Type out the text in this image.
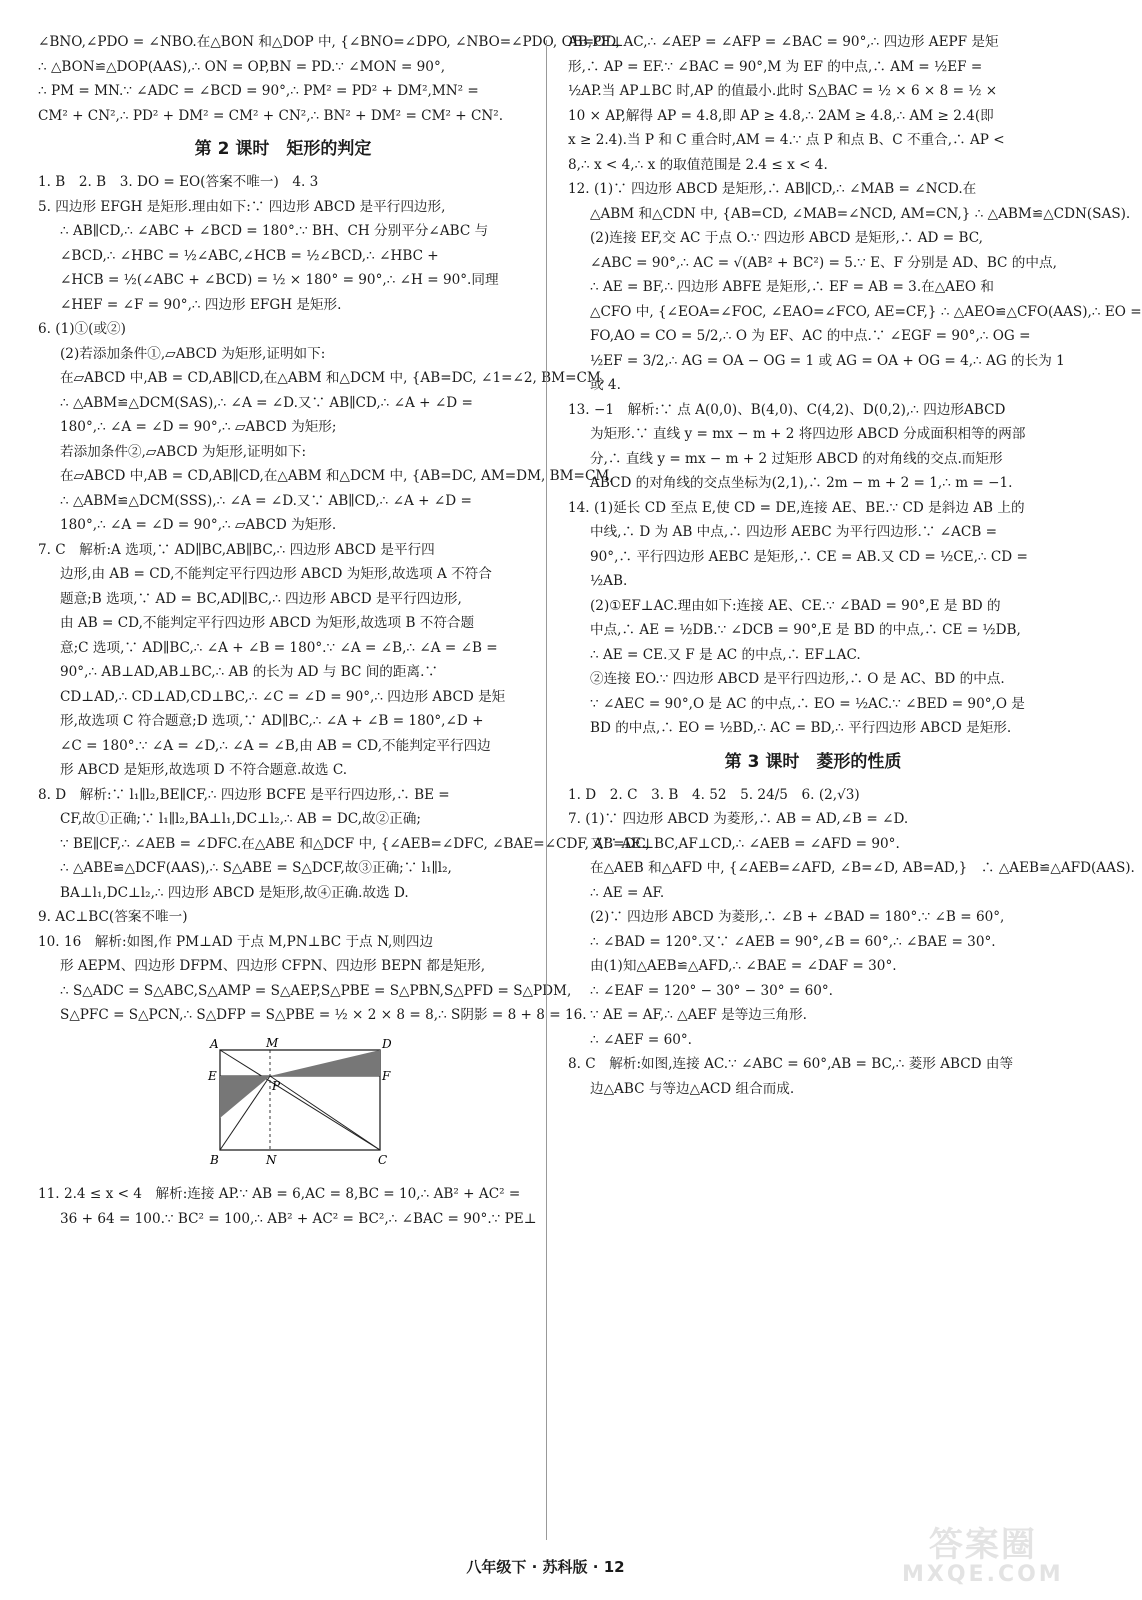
∠BNO,∠PDO = ∠NBO.在△BON 和△DOP 中, {∠BNO=∠DPO, ∠NBO=∠PDO, OB=OD,
∴ △BON≌△DOP(AAS),∴ ON = OP,BN = PD.∵ ∠MON = 90°,
∴ PM = MN.∵ ∠ADC = ∠BCD = 90°,∴ PM² = PD² + DM²,MN² =
CM² + CN²,∴ PD² + DM² = CM² + CN²,∴ BN² + DM² = CM² + CN².
第 2 课时　矩形的判定
1. B　2. B　3. DO = EO(答案不唯一)　4. 3
5. 四边形 EFGH 是矩形.理由如下:∵ 四边形 ABCD 是平行四边形,
∴ AB∥CD,∴ ∠ABC + ∠BCD = 180°.∵ BH、CH 分别平分∠ABC 与
∠BCD,∴ ∠HBC = ½∠ABC,∠HCB = ½∠BCD,∴ ∠HBC +
∠HCB = ½(∠ABC + ∠BCD) = ½ × 180° = 90°,∴ ∠H = 90°.同理
∠HEF = ∠F = 90°,∴ 四边形 EFGH 是矩形.
6. (1)①(或②)
(2)若添加条件①,▱ABCD 为矩形,证明如下:
在▱ABCD 中,AB = CD,AB∥CD,在△ABM 和△DCM 中, {AB=DC, ∠1=∠2, BM=CM,
∴ △ABM≌△DCM(SAS),∴ ∠A = ∠D.又∵ AB∥CD,∴ ∠A + ∠D =
180°,∴ ∠A = ∠D = 90°,∴ ▱ABCD 为矩形;
若添加条件②,▱ABCD 为矩形,证明如下:
在▱ABCD 中,AB = CD,AB∥CD,在△ABM 和△DCM 中, {AB=DC, AM=DM, BM=CM,
∴ △ABM≌△DCM(SSS),∴ ∠A = ∠D.又∵ AB∥CD,∴ ∠A + ∠D =
180°,∴ ∠A = ∠D = 90°,∴ ▱ABCD 为矩形.
7. C　解析:A 选项,∵ AD∥BC,AB∥BC,∴ 四边形 ABCD 是平行四
边形,由 AB = CD,不能判定平行四边形 ABCD 为矩形,故选项 A 不符合
题意;B 选项,∵ AD = BC,AD∥BC,∴ 四边形 ABCD 是平行四边形,
由 AB = CD,不能判定平行四边形 ABCD 为矩形,故选项 B 不符合题
意;C 选项,∵ AD∥BC,∴ ∠A + ∠B = 180°.∵ ∠A = ∠B,∴ ∠A = ∠B =
90°,∴ AB⊥AD,AB⊥BC,∴ AB 的长为 AD 与 BC 间的距离.∵
CD⊥AD,∴ CD⊥AD,CD⊥BC,∴ ∠C = ∠D = 90°,∴ 四边形 ABCD 是矩
形,故选项 C 符合题意;D 选项,∵ AD∥BC,∴ ∠A + ∠B = 180°,∠D +
∠C = 180°.∵ ∠A = ∠D,∴ ∠A = ∠B,由 AB = CD,不能判定平行四边
形 ABCD 是矩形,故选项 D 不符合题意.故选 C.
8. D　解析:∵ l₁∥l₂,BE∥CF,∴ 四边形 BCFE 是平行四边形,∴ BE =
CF,故①正确;∵ l₁∥l₂,BA⊥l₁,DC⊥l₂,∴ AB = DC,故②正确;
∵ BE∥CF,∴ ∠AEB = ∠DFC.在△ABE 和△DCF 中, {∠AEB=∠DFC, ∠BAE=∠CDF, AB=DC,
∴ △ABE≌△DCF(AAS),∴ S△ABE = S△DCF,故③正确;∵ l₁∥l₂,
BA⊥l₁,DC⊥l₂,∴ 四边形 ABCD 是矩形,故④正确.故选 D.
9. AC⊥BC(答案不唯一)
10. 16　解析:如图,作 PM⊥AD 于点 M,PN⊥BC 于点 N,则四边
形 AEPM、四边形 DFPM、四边形 CFPN、四边形 BEPN 都是矩形,
∴ S△ADC = S△ABC,S△AMP = S△AEP,S△PBE = S△PBN,S△PFD = S△PDM,
S△PFC = S△PCN,∴ S△DFP = S△PBE = ½ × 2 × 8 = 8,∴ S阴影 = 8 + 8 = 16.
A	M	D
E
P
F
B	N	C
11. 2.4 ≤ x < 4　解析:连接 AP.∵ AB = 6,AC = 8,BC = 10,∴ AB² + AC² =
36 + 64 = 100.∵ BC² = 100,∴ AB² + AC² = BC²,∴ ∠BAC = 90°.∵ PE⊥
AB,PF⊥AC,∴ ∠AEP = ∠AFP = ∠BAC = 90°,∴ 四边形 AEPF 是矩
形,∴ AP = EF.∵ ∠BAC = 90°,M 为 EF 的中点,∴ AM = ½EF =
½AP.当 AP⊥BC 时,AP 的值最小.此时 S△BAC = ½ × 6 × 8 = ½ ×
10 × AP,解得 AP = 4.8,即 AP ≥ 4.8,∴ 2AM ≥ 4.8,∴ AM ≥ 2.4(即
x ≥ 2.4).当 P 和 C 重合时,AM = 4.∵ 点 P 和点 B、C 不重合,∴ AP <
8,∴ x < 4,∴ x 的取值范围是 2.4 ≤ x < 4.
12. (1)∵ 四边形 ABCD 是矩形,∴ AB∥CD,∴ ∠MAB = ∠NCD.在
△ABM 和△CDN 中, {AB=CD, ∠MAB=∠NCD, AM=CN,} ∴ △ABM≌△CDN(SAS).
(2)连接 EF,交 AC 于点 O.∵ 四边形 ABCD 是矩形,∴ AD = BC,
∠ABC = 90°,∴ AC = √(AB² + BC²) = 5.∵ E、F 分别是 AD、BC 的中点,
∴ AE = BF,∴ 四边形 ABFE 是矩形,∴ EF = AB = 3.在△AEO 和
△CFO 中, {∠EOA=∠FOC, ∠EAO=∠FCO, AE=CF,} ∴ △AEO≌△CFO(AAS),∴ EO =
FO,AO = CO = 5/2,∴ O 为 EF、AC 的中点.∵ ∠EGF = 90°,∴ OG =
½EF = 3/2,∴ AG = OA − OG = 1 或 AG = OA + OG = 4,∴ AG 的长为 1
或 4.
13. −1　解析:∵ 点 A(0,0)、B(4,0)、C(4,2)、D(0,2),∴ 四边形ABCD
为矩形.∵ 直线 y = mx − m + 2 将四边形 ABCD 分成面积相等的两部
分,∴ 直线 y = mx − m + 2 过矩形 ABCD 的对角线的交点.而矩形
ABCD 的对角线的交点坐标为(2,1),∴ 2m − m + 2 = 1,∴ m = −1.
14. (1)延长 CD 至点 E,使 CD = DE,连接 AE、BE.∵ CD 是斜边 AB 上的
中线,∴ D 为 AB 中点,∴ 四边形 AEBC 为平行四边形.∵ ∠ACB =
90°,∴ 平行四边形 AEBC 是矩形,∴ CE = AB.又 CD = ½CE,∴ CD =
½AB.
(2)①EF⊥AC.理由如下:连接 AE、CE.∵ ∠BAD = 90°,E 是 BD 的
中点,∴ AE = ½DB.∵ ∠DCB = 90°,E 是 BD 的中点,∴ CE = ½DB,
∴ AE = CE.又 F 是 AC 的中点,∴ EF⊥AC.
②连接 EO.∵ 四边形 ABCD 是平行四边形,∴ O 是 AC、BD 的中点.
∵ ∠AEC = 90°,O 是 AC 的中点,∴ EO = ½AC.∵ ∠BED = 90°,O 是
BD 的中点,∴ EO = ½BD,∴ AC = BD,∴ 平行四边形 ABCD 是矩形.
第 3 课时　菱形的性质
1. D　2. C　3. B　4. 52　5. 24/5　6. (2,√3)
7. (1)∵ 四边形 ABCD 为菱形,∴ AB = AD,∠B = ∠D.
又∵ AE⊥BC,AF⊥CD,∴ ∠AEB = ∠AFD = 90°.
在△AEB 和△AFD 中, {∠AEB=∠AFD, ∠B=∠D, AB=AD,}　∴ △AEB≌△AFD(AAS).
∴ AE = AF.
(2)∵ 四边形 ABCD 为菱形,∴ ∠B + ∠BAD = 180°.∵ ∠B = 60°,
∴ ∠BAD = 120°.又∵ ∠AEB = 90°,∠B = 60°,∴ ∠BAE = 30°.
由(1)知△AEB≌△AFD,∴ ∠BAE = ∠DAF = 30°.
∴ ∠EAF = 120° − 30° − 30° = 60°.
∵ AE = AF,∴ △AEF 是等边三角形.
∴ ∠AEF = 60°.
8. C　解析:如图,连接 AC.∵ ∠ABC = 60°,AB = BC,∴ 菱形 ABCD 由等
边△ABC 与等边△ACD 组合而成.
八年级下 · 苏科版 · 12
答案圈
MXQE.COM
